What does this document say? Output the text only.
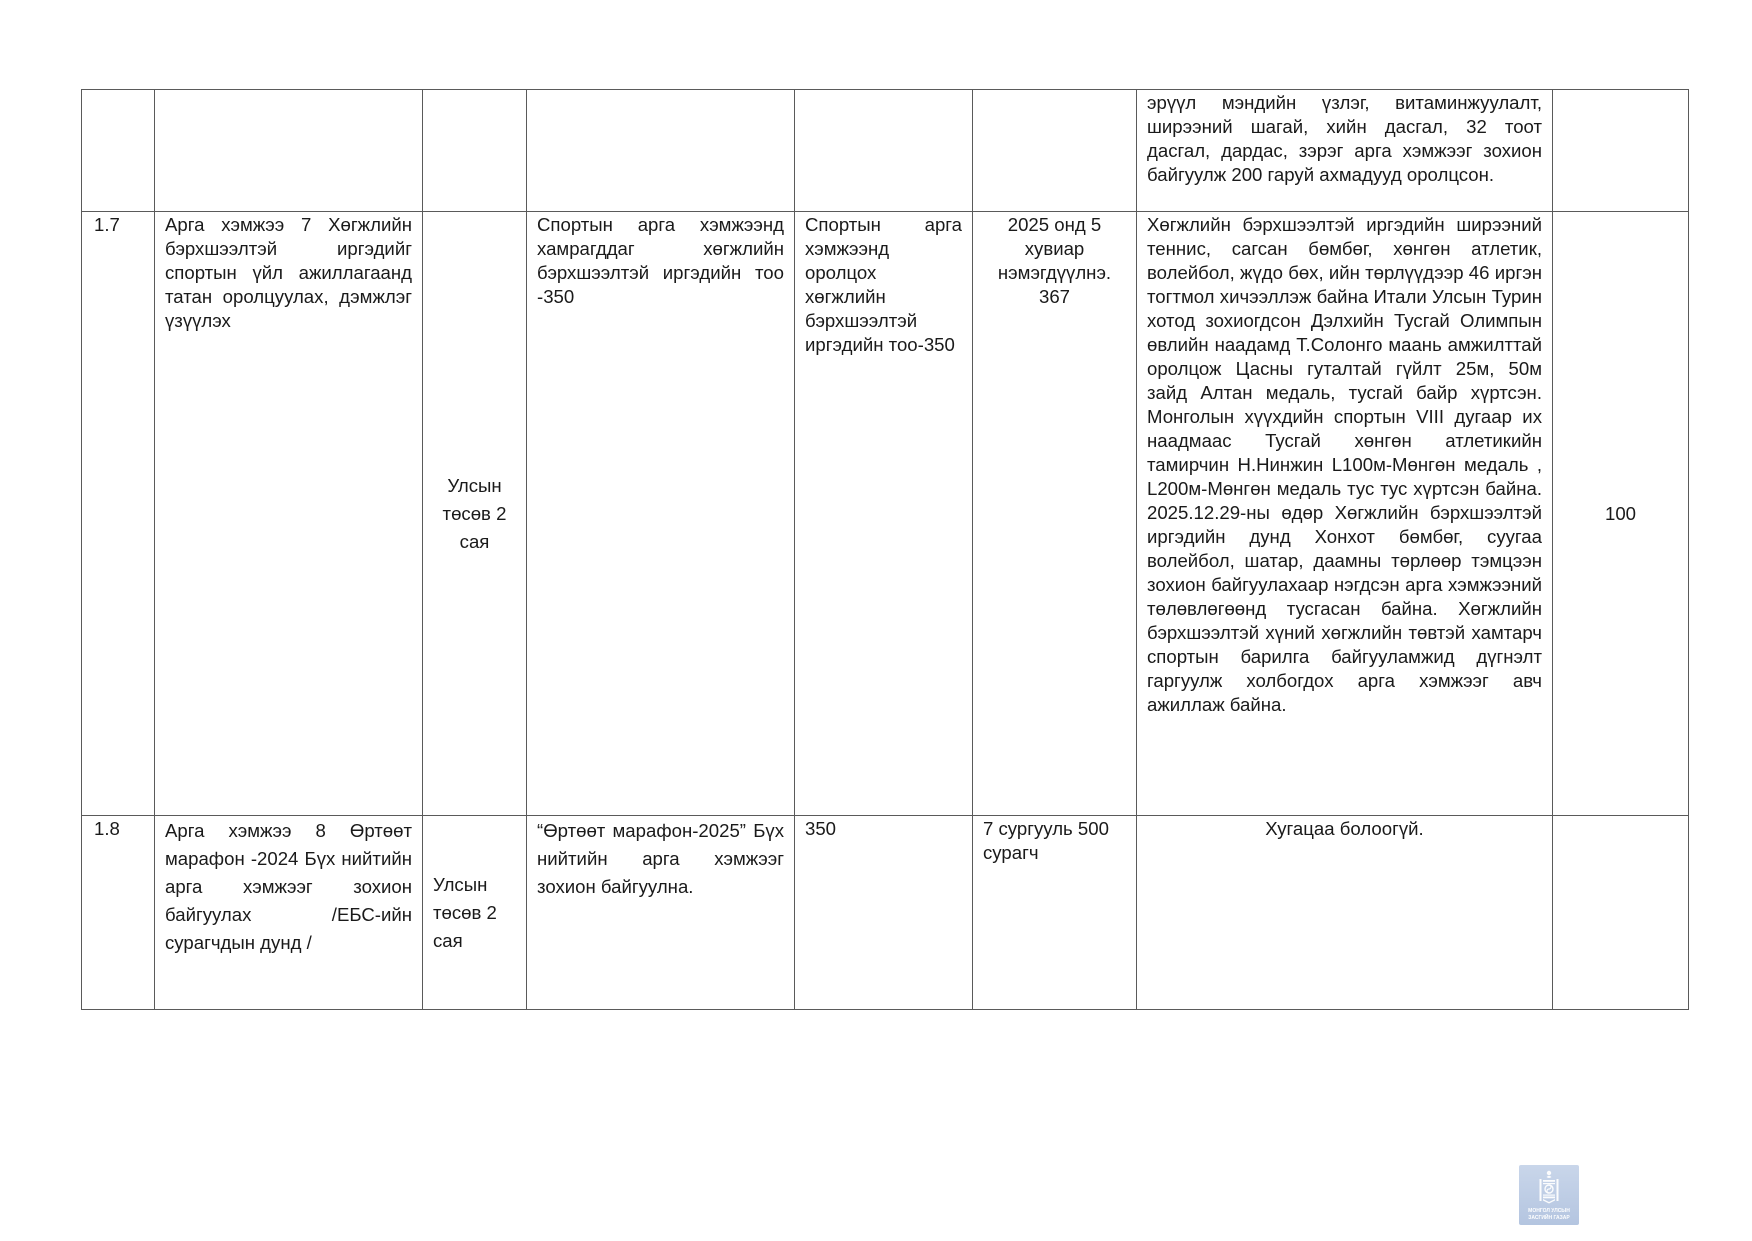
						эрүүл мэндийн үзлэг, витаминжуулалт, ширээний шагай, хийн дасгал, 32 тоот дасгал, дардас, зэрэг арга хэмжээг зохион байгуулж 200 гаруй ахмадууд оролцсон.	

1.7	Арга хэмжээ 7 Хөгжлийн бэрхшээлтэй иргэдийг спортын үйл ажиллагаанд татан оролцуулах, дэмжлэг үзүүлэх	Улсын төсөв 2 сая	Спортын арга хэмжээнд хамрагддаг хөгжлийн бэрхшээлтэй иргэдийн тоо -350	Спортын арга хэмжээнд оролцох хөгжлийн бэрхшээлтэй иргэдийн тоо-350	2025 онд 5 хувиар нэмэгдүүлнэ. 367	Хөгжлийн бэрхшээлтэй иргэдийн ширээний теннис, сагсан бөмбөг, хөнгөн атлетик, волейбол, жүдо бөх, ийн төрлүүдээр 46 иргэн тогтмол хичээллэж байна Итали Улсын Турин хотод зохиогдсон Дэлхийн Тусгай Олимпын өвлийн наадамд Т.Солонго маань амжилттай оролцож Цасны гуталтай гүйлт 25м, 50м зайд Алтан медаль, тусгай байр хүртсэн. Монголын хүүхдийн спортын VIII дугаар их наадмаас Тусгай хөнгөн атлетикийн тамирчин Н.Нинжин L100м-Мөнгөн медаль , L200м-Мөнгөн медаль тус тус хүртсэн байна. 2025.12.29-ны өдөр Хөгжлийн бэрхшээлтэй иргэдийн дунд Хонхот бөмбөг, суугаа волейбол, шатар, даамны төрлөөр тэмцээн зохион байгуулахаар нэгдсэн арга хэмжээний төлөвлөгөөнд тусгасан байна. Хөгжлийн бэрхшээлтэй хүний хөгжлийн төвтэй хамтарч спортын барилга байгууламжид дүгнэлт гаргуулж холбогдох арга хэмжээг авч ажиллаж байна.	100
1.8	Арга хэмжээ 8 Өртөөт марафон -2024 Бүх нийтийн арга хэмжээг зохион байгуулах /ЕБС-ийн сурагчдын дунд /	Улсын төсөв 2 сая	“Өртөөт марафон-2025” Бүх нийтийн арга хэмжээг зохион байгуулна.	350	7 сургууль 500 сурагч	Хугацаа болоогүй.	
МОНГОЛ УЛСЫН
ЗАСГИЙН ГАЗАР
